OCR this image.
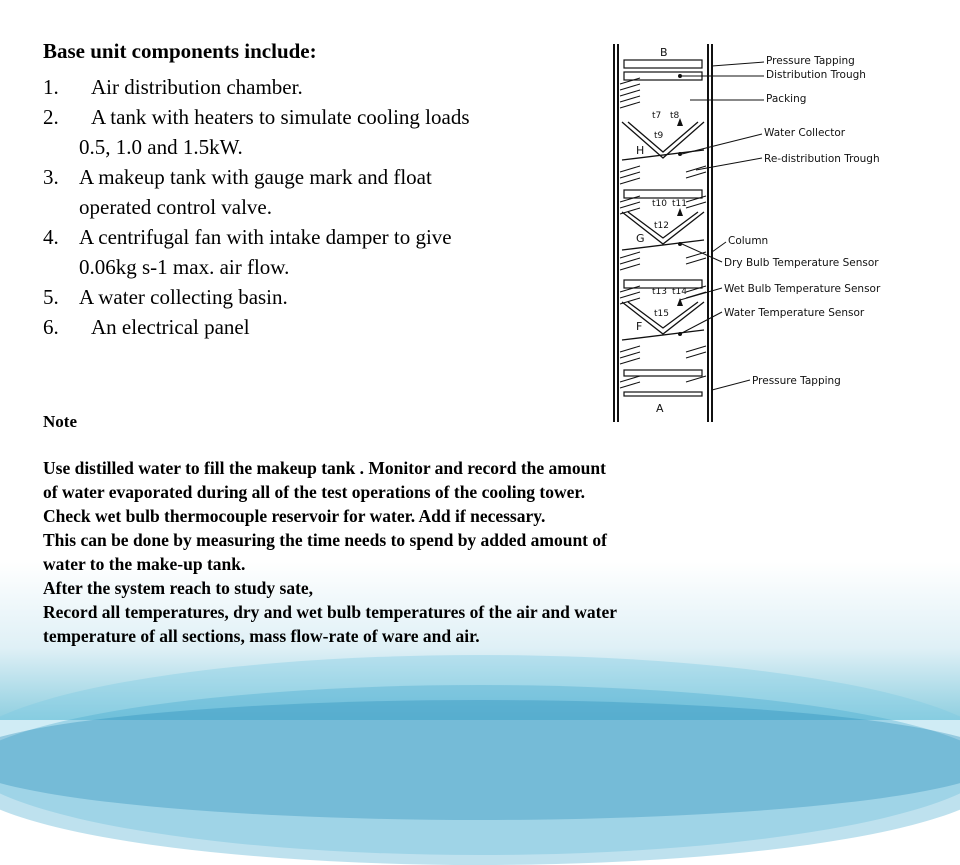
Base unit components include:
1. Air distribution chamber.
2. A tank with heaters to simulate cooling loads
0.5, 1.0 and 1.5kW.
3. A makeup tank with gauge mark and float
operated control valve.
4. A centrifugal fan with intake damper to give
0.06kg s-1 max. air flow.
5. A water collecting basin.
6. An electrical panel
t7 t8
t9
t10 t11
t12
t13 t14
t15
B
H
G
F
A
Pressure Tapping
Distribution Trough
Packing
Water Collector
Re-distribution Trough
Column
Dry Bulb Temperature Sensor
Wet Bulb Temperature Sensor
Water Temperature Sensor
Pressure Tapping
Note
Use distilled water to fill the makeup tank . Monitor and record the amount
of water evaporated during all of the test operations of the cooling tower.
Check wet bulb thermocouple reservoir for water. Add if necessary.
This can be done by measuring the time needs to spend by added amount of
water to the make-up tank.
After the system reach to study sate,
Record all temperatures, dry and wet bulb temperatures of the air and water
temperature of all sections, mass flow-rate of ware and air.
